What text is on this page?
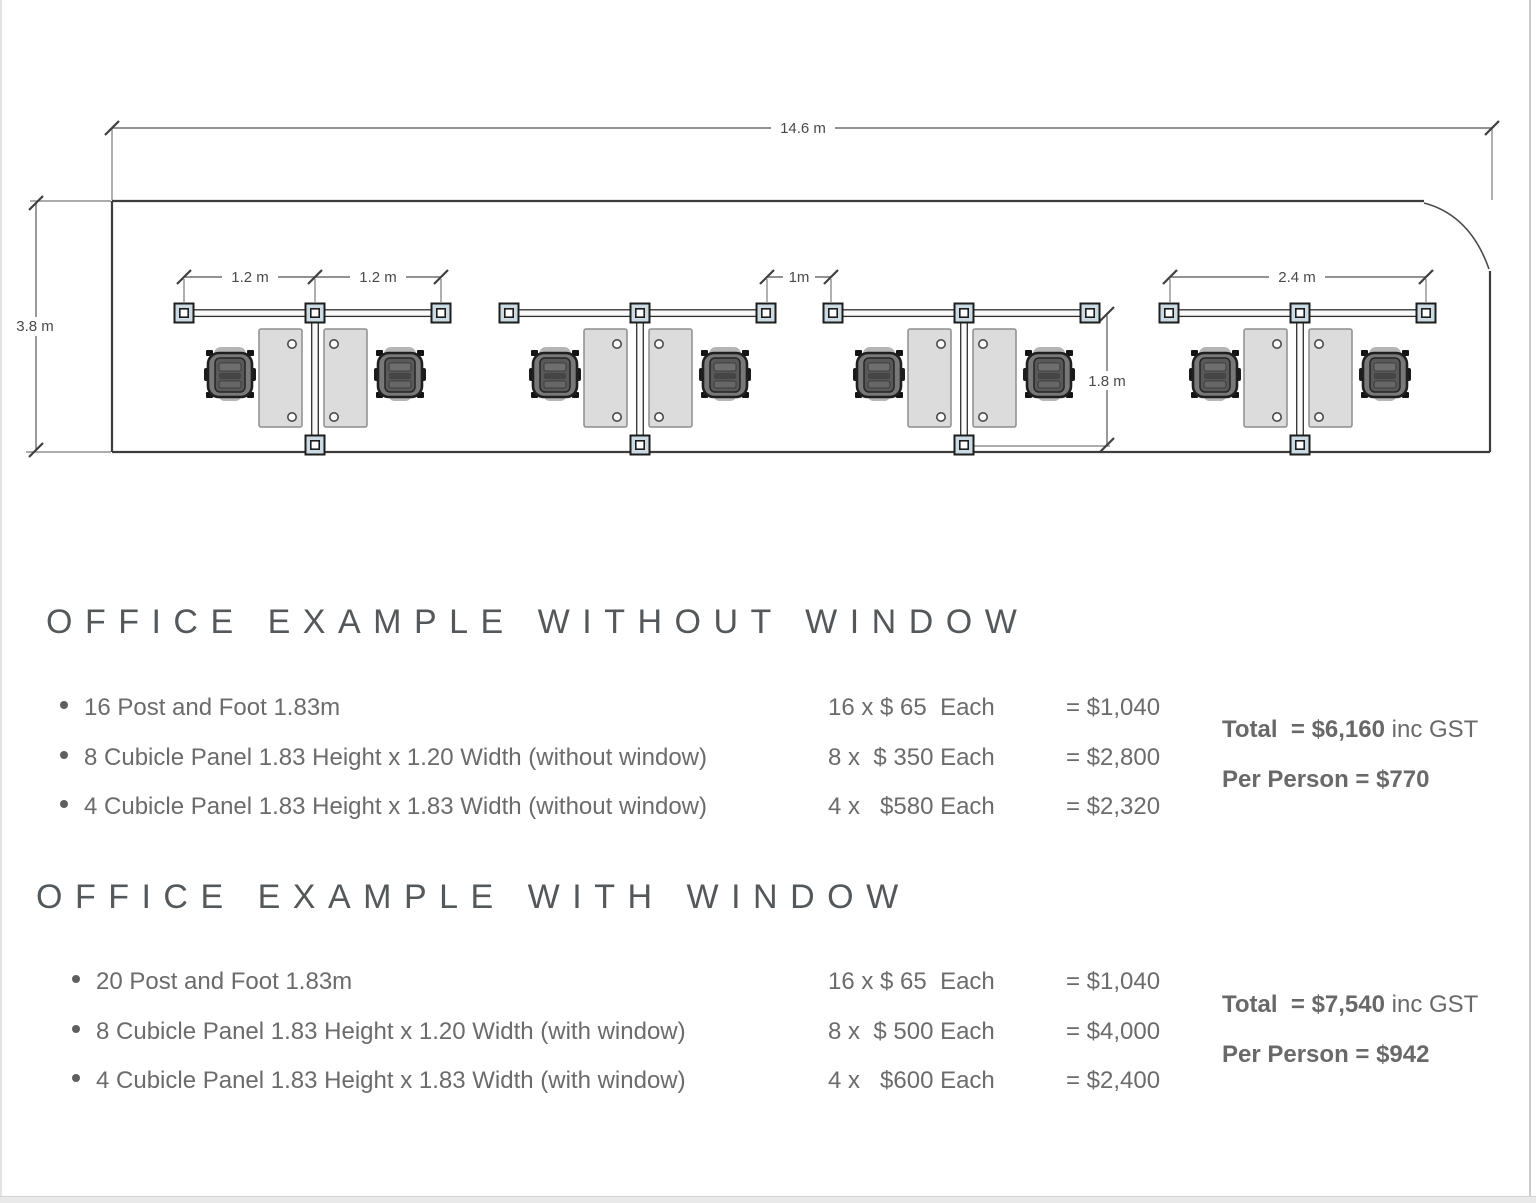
14.6 m
3.8 m
1.2 m	1.2 m	1m	2.4 m
1.8 m
OFFICE EXAMPLE WITHOUT WINDOW
16 Post and Foot 1.83m	16 x $ 65  Each	= $1,040
8 Cubicle Panel 1.83 Height x 1.20 Width (without window)	8 x  $ 350 Each	= $2,800
4 Cubicle Panel 1.83 Height x 1.83 Width (without window)	4 x   $580 Each	= $2,320
Total  = $6,160 inc GST
Per Person = $770
OFFICE EXAMPLE WITH WINDOW
20 Post and Foot 1.83m	16 x $ 65  Each	= $1,040
8 Cubicle Panel 1.83 Height x 1.20 Width (with window)	8 x  $ 500 Each	= $4,000
4 Cubicle Panel 1.83 Height x 1.83 Width (with window)	4 x   $600 Each	= $2,400
Total  = $7,540 inc GST
Per Person = $942
